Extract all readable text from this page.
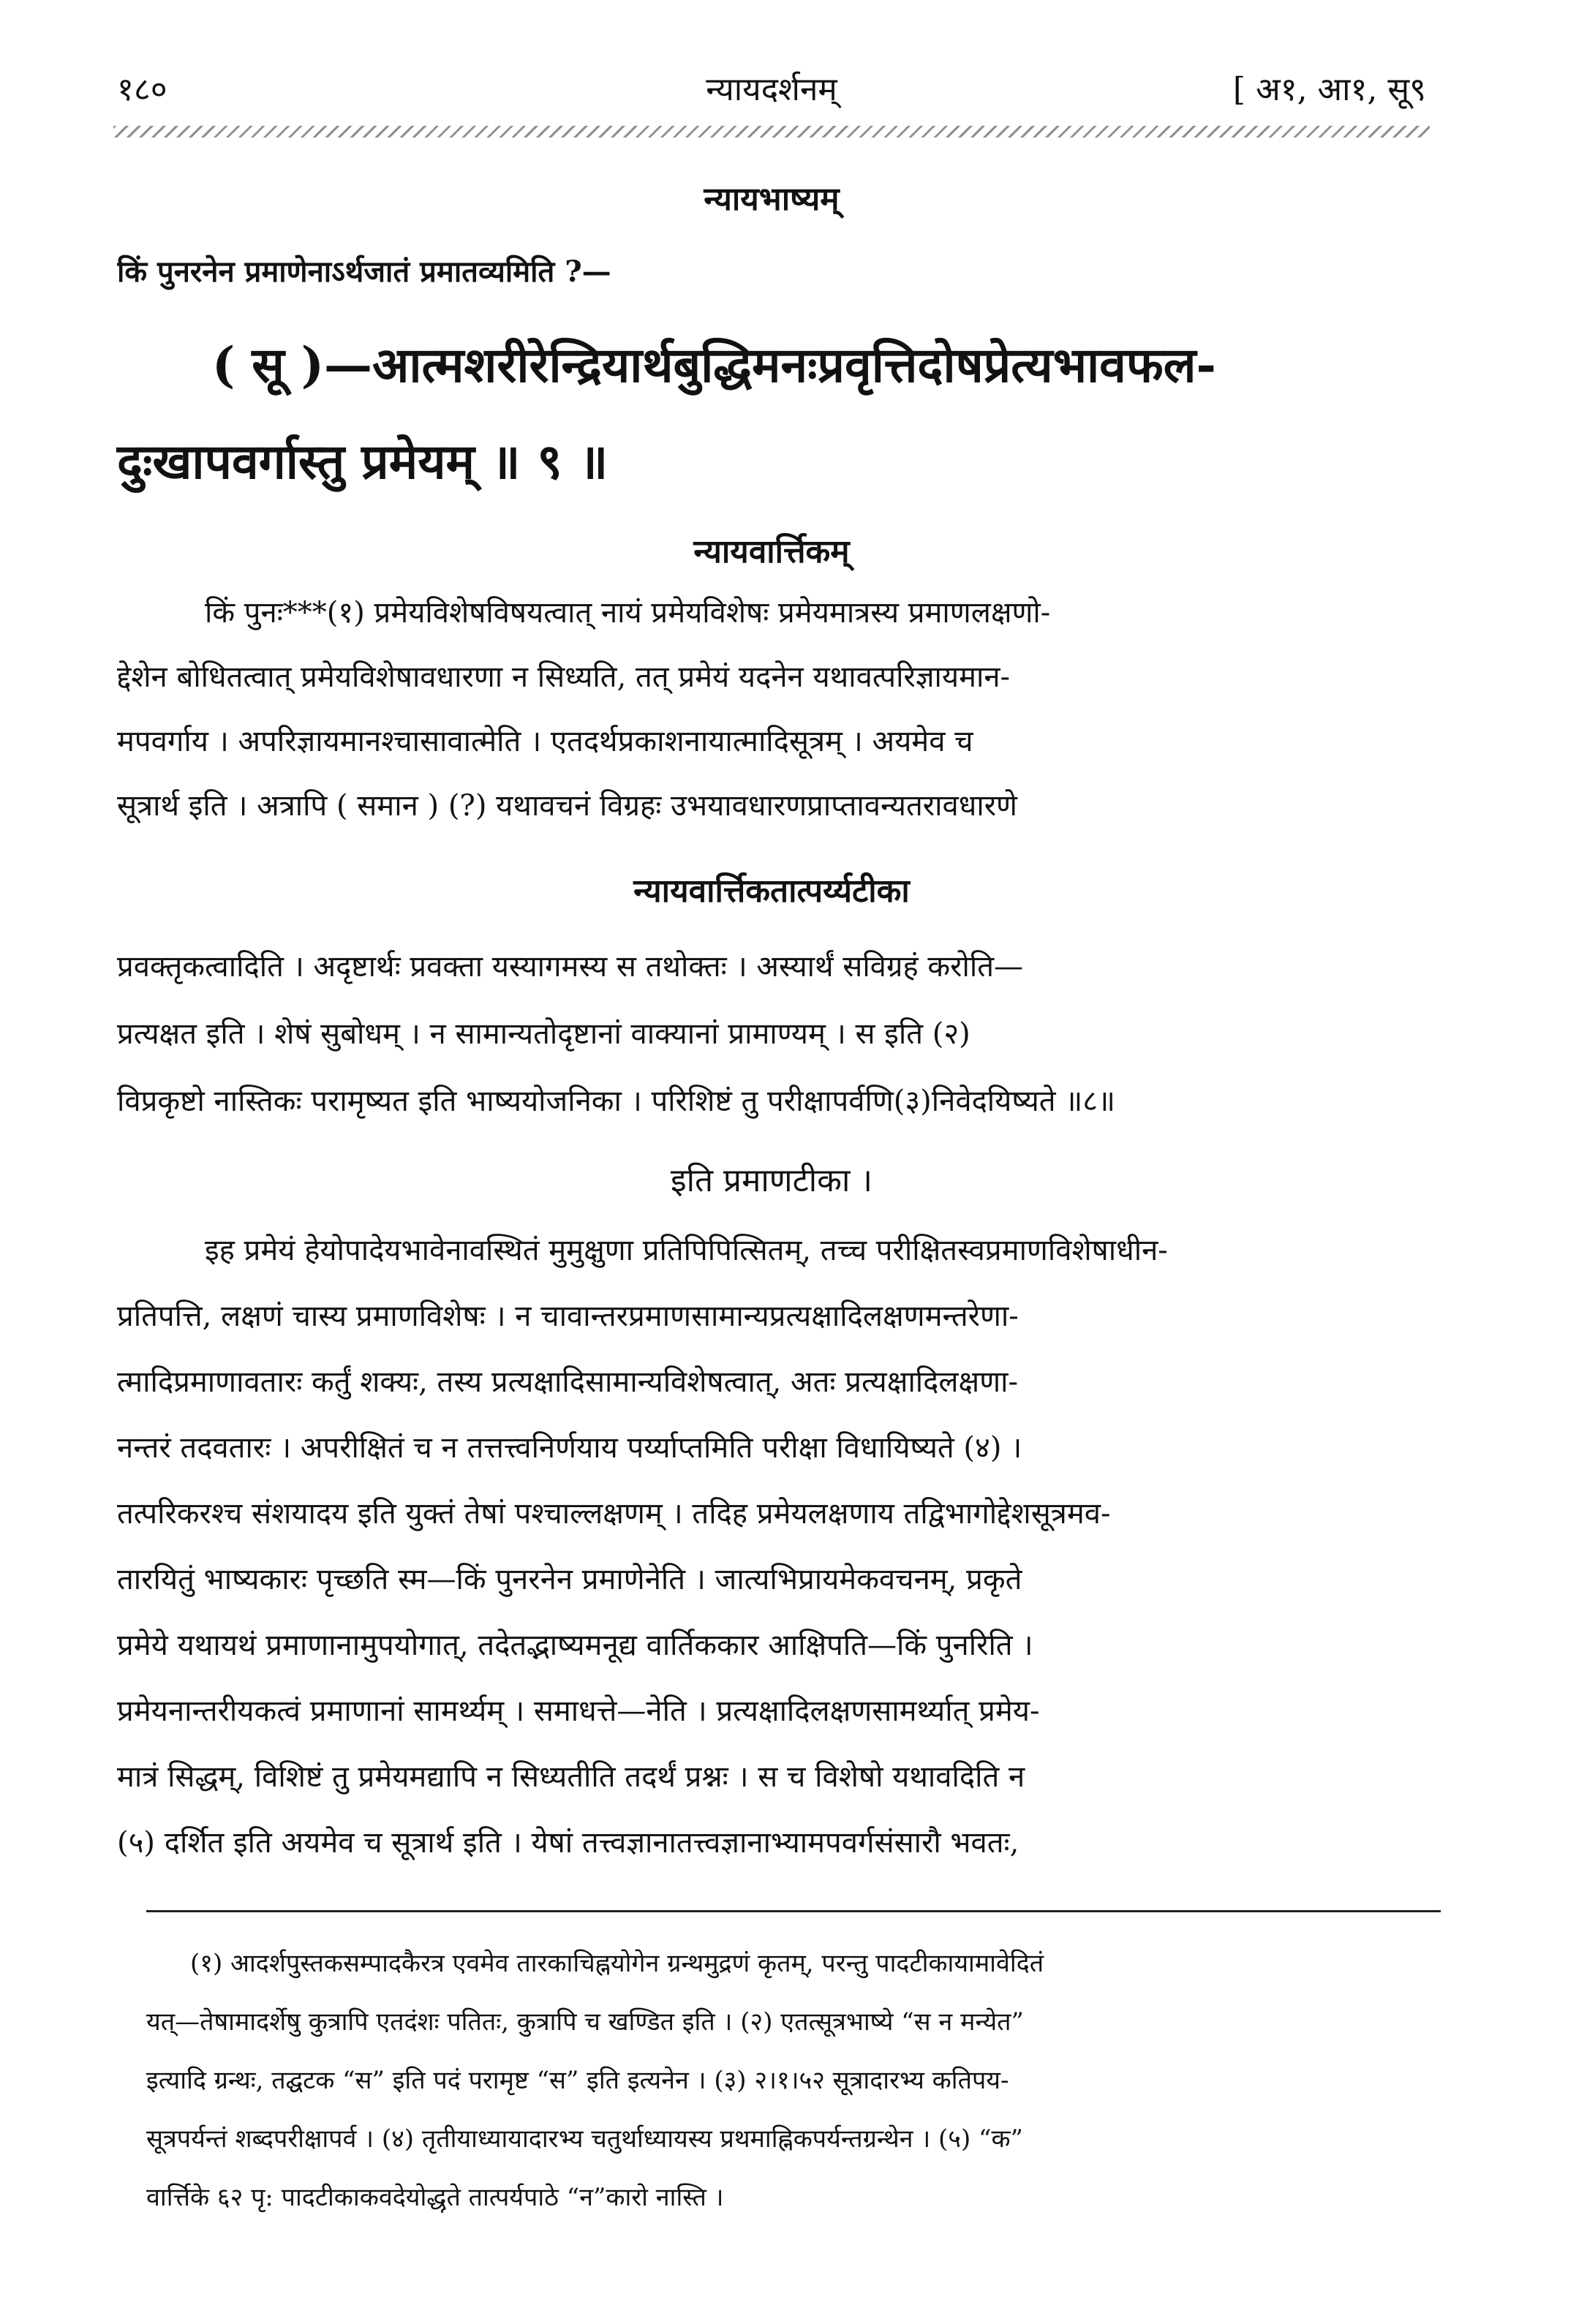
१८०	न्यायदर्शनम्	[ अ१, आ१, सू९
न्यायभाष्यम्
किं पुनरनेन प्रमाणेनाऽर्थजातं प्रमातव्यमिति ?—
( सू )—आत्मशरीरेन्द्रियार्थबुद्धिमनःप्रवृत्तिदोषप्रेत्यभावफल-
दुःखापवर्गास्तु प्रमेयम् ॥ ९ ॥
न्यायवार्त्तिकम्
किं पुनः***(१) प्रमेयविशेषविषयत्वात् नायं प्रमेयविशेषः प्रमेयमात्रस्य प्रमाणलक्षणो-
द्देशेन बोधितत्वात् प्रमेयविशेषावधारणा न सिध्यति, तत् प्रमेयं यदनेन यथावत्परिज्ञायमान-
मपवर्गाय । अपरिज्ञायमानश्चासावात्मेति । एतदर्थप्रकाशनायात्मादिसूत्रम् । अयमेव च
सूत्रार्थ इति । अत्रापि ( समान ) (?) यथावचनं विग्रहः उभयावधारणप्राप्तावन्यतरावधारणे
न्यायवार्त्तिकतात्पर्य्यटीका
प्रवक्तृकत्वादिति । अदृष्टार्थः प्रवक्ता यस्यागमस्य स तथोक्तः । अस्यार्थं सविग्रहं करोति—
प्रत्यक्षत इति । शेषं सुबोधम् । न सामान्यतोदृष्टानां वाक्यानां प्रामाण्यम् । स इति (२)
विप्रकृष्टो नास्तिकः परामृष्यत इति भाष्ययोजनिका । परिशिष्टं तु परीक्षापर्वणि(३)निवेदयिष्यते ॥८॥
इति प्रमाणटीका ।
इह प्रमेयं हेयोपादेयभावेनावस्थितं मुमुक्षुणा प्रतिपिपित्सितम्, तच्च परीक्षितस्वप्रमाणविशेषाधीन-
प्रतिपत्ति, लक्षणं चास्य प्रमाणविशेषः । न चावान्तरप्रमाणसामान्यप्रत्यक्षादिलक्षणमन्तरेणा-
त्मादिप्रमाणावतारः कर्तुं शक्यः, तस्य प्रत्यक्षादिसामान्यविशेषत्वात्, अतः प्रत्यक्षादिलक्षणा-
नन्तरं तदवतारः । अपरीक्षितं च न तत्तत्त्वनिर्णयाय पर्य्याप्तमिति परीक्षा विधायिष्यते (४) ।
तत्परिकरश्च संशयादय इति युक्तं तेषां पश्चाल्लक्षणम् । तदिह प्रमेयलक्षणाय तद्विभागोद्देशसूत्रमव-
तारयितुं भाष्यकारः पृच्छति स्म—किं पुनरनेन प्रमाणेनेति । जात्यभिप्रायमेकवचनम्, प्रकृते
प्रमेये यथायथं प्रमाणानामुपयोगात्, तदेतद्भाष्यमनूद्य वार्तिककार आक्षिपति—किं पुनरिति ।
प्रमेयनान्तरीयकत्वं प्रमाणानां सामर्थ्यम् । समाधत्ते—नेति । प्रत्यक्षादिलक्षणसामर्थ्यात् प्रमेय-
मात्रं सिद्धम्, विशिष्टं तु प्रमेयमद्यापि न सिध्यतीति तदर्थं प्रश्नः । स च विशेषो यथावदिति न
(५) दर्शित इति अयमेव च सूत्रार्थ इति । येषां तत्त्वज्ञानातत्त्वज्ञानाभ्यामपवर्गसंसारौ भवतः,
(१) आदर्शपुस्तकसम्पादकैरत्र एवमेव तारकाचिह्नयोगेन ग्रन्थमुद्रणं कृतम्, परन्तु पादटीकायामावेदितं
यत्—तेषामादर्शेषु कुत्रापि एतदंशः पतितः, कुत्रापि च खण्डित इति । (२) एतत्सूत्रभाष्ये “स न मन्येत”
इत्यादि ग्रन्थः, तद्घटक “स” इति पदं परामृष्ट “स” इति इत्यनेन । (३) २।१।५२ सूत्रादारभ्य कतिपय-
सूत्रपर्यन्तं शब्दपरीक्षापर्व । (४) तृतीयाध्यायादारभ्य चतुर्थाध्यायस्य प्रथमाह्निकपर्यन्तग्रन्थेन । (५) “क”
वार्त्तिके ६२ पृ: पादटीकाकवदेयोद्धृते तात्पर्यपाठे “न”कारो नास्ति ।
